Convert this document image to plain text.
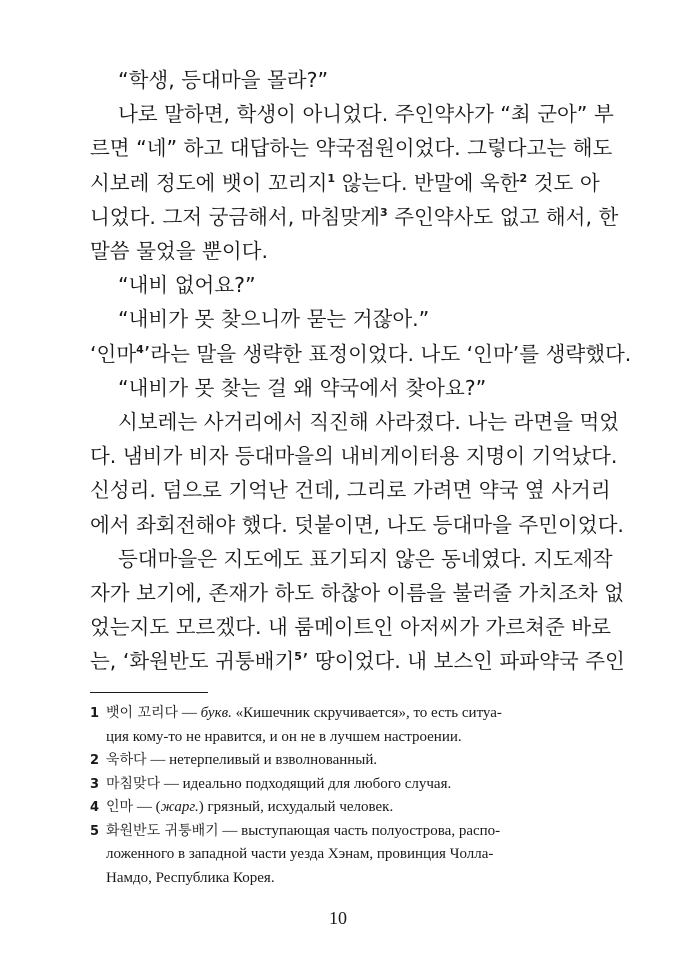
“학생, 등대마을 몰라?”

나로 말하면, 학생이 아니었다. 주인약사가 “최 군아” 부
르면 “네” 하고 대답하는 약국점원이었다. 그렇다고는 해도
시보레 정도에 뱃이 꼬리지$^1$ 않는다. 반말에 욱한$^2$ 것도 아
니었다. 그저 궁금해서, 마침맞게$^3$ 주인약사도 없고 해서, 한
말씀 물었을 뿐이다.

“내비 없어요?”

“내비가 못 찾으니까 묻는 거잖아.”

‘인마$^4$’라는 말을 생략한 표정이었다. 나도 ‘인마’를 생략했다.

“내비가 못 찾는 걸 왜 약국에서 찾아요?”

시보레는 사거리에서 직진해 사라졌다. 나는 라면을 먹었
다. 냄비가 비자 등대마을의 내비게이터용 지명이 기억났다.
신성리. 덤으로 기억난 건데, 그리로 가려면 약국 옆 사거리
에서 좌회전해야 했다. 덧붙이면, 나도 등대마을 주민이었다.

등대마을은 지도에도 표기되지 않은 동네였다. 지도제작
자가 보기에, 존재가 하도 하찮아 이름을 불러줄 가치조차 없
었는지도 모르겠다. 내 룸메이트인 아저씨가 가르쳐준 바로
는, ‘화원반도 귀퉁배기$^5$’ 땅이었다. 내 보스인 파파약국 주인

1 뱃이 꼬리다 — букв. «Кишечник скручивается», то есть ситуа-
ция кому-то не нравится, и он не в лучшем настроении.
2 욱하다 — нетерпеливый и взволнованный.
3 마침맞다 — идеально подходящий для любого случая.
4 인마 — (жарг.) грязный, исхудалый человек.
5 화원반도 귀퉁배기 — выступающая часть полуострова, распо-
ложенного в западной части уезда Хэнам, провинция Чолла-
Намдо, Республика Корея.
10
